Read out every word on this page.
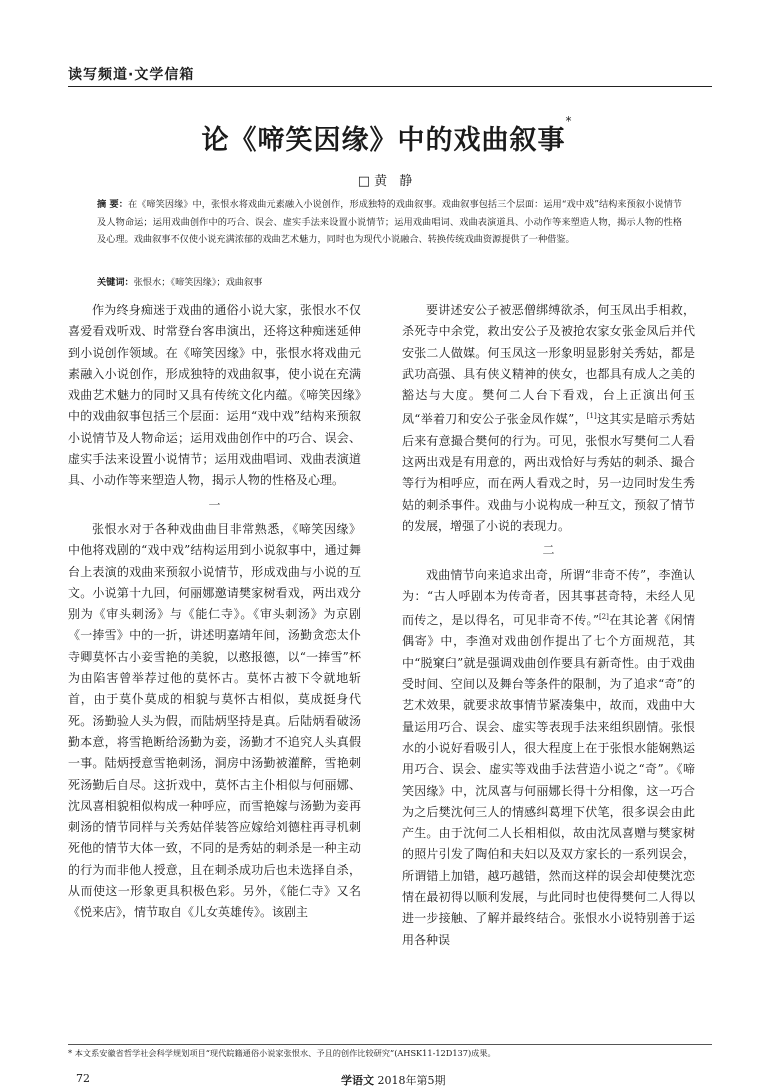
读写频道·文学信箱
论《啼笑因缘》中的戏曲叙事*
□黄 静
摘 要：在《啼笑因缘》中，张恨水将戏曲元素融入小说创作，形成独特的戏曲叙事。戏曲叙事包括三个层面：运用“戏中戏”结构来预叙小说情节及人物命运；运用戏曲创作中的巧合、误会、虚实手法来设置小说情节；运用戏曲唱词、戏曲表演道具、小动作等来塑造人物，揭示人物的性格及心理。戏曲叙事不仅使小说充满浓郁的戏曲艺术魅力，同时也为现代小说融合、转换传统戏曲资源提供了一种借鉴。
关键词：张恨水；《啼笑因缘》；戏曲叙事

作为终身痴迷于戏曲的通俗小说大家，张恨水不仅喜爱看戏听戏、时常登台客串演出，还将这种痴迷延伸到小说创作领域。在《啼笑因缘》中，张恨水将戏曲元素融入小说创作，形成独特的戏曲叙事，使小说在充满戏曲艺术魅力的同时又具有传统文化内蕴。《啼笑因缘》中的戏曲叙事包括三个层面：运用“戏中戏”结构来预叙小说情节及人物命运；运用戏曲创作中的巧合、误会、虚实手法来设置小说情节；运用戏曲唱词、戏曲表演道具、小动作等来塑造人物，揭示人物的性格及心理。

一

张恨水对于各种戏曲曲目非常熟悉，《啼笑因缘》中他将戏剧的“戏中戏”结构运用到小说叙事中，通过舞台上表演的戏曲来预叙小说情节，形成戏曲与小说的互文。小说第十九回，何丽娜邀请樊家树看戏，两出戏分别为《审头刺汤》与《能仁寺》。《审头刺汤》为京剧《一捧雪》中的一折，讲述明嘉靖年间，汤勤贪恋太仆寺卿莫怀古小妾雪艳的美貌，以憨报德，以“一捧雪”杯为由陷害曾举荐过他的莫怀古。莫怀古被下令就地斩首，由于莫仆莫成的相貌与莫怀古相似，莫成挺身代死。汤勤验人头为假，而陆炳坚持是真。后陆炳看破汤勤本意，将雪艳断给汤勤为妾，汤勤才不追究人头真假一事。陆炳授意雪艳刺汤，洞房中汤勤被灌醉，雪艳刺死汤勤后自尽。这折戏中，莫怀古主仆相似与何丽娜、沈凤喜相貌相似构成一种呼应，而雪艳嫁与汤勤为妾再刺汤的情节同样与关秀姑佯装答应嫁给刘德柱再寻机刺死他的情节大体一致，不同的是秀姑的刺杀是一种主动的行为而非他人授意，且在刺杀成功后也未选择自杀，从而使这一形象更具积极色彩。另外，《能仁寺》又名《悦来店》，情节取自《儿女英雄传》。该剧主

要讲述安公子被恶僧绑缚欲杀，何玉凤出手相救，杀死寺中余党，救出安公子及被抢农家女张金凤后并代安张二人做媒。何玉凤这一形象明显影射关秀姑，都是武功高强、具有侠义精神的侠女，也都具有成人之美的豁达与大度。樊何二人台下看戏，台上正演出何玉凤“举着刀和安公子张金凤作媒”，[1]这其实是暗示秀姑后来有意撮合樊何的行为。可见，张恨水写樊何二人看这两出戏是有用意的，两出戏恰好与秀姑的刺杀、撮合等行为相呼应，而在两人看戏之时，另一边同时发生秀姑的刺杀事件。戏曲与小说构成一种互文，预叙了情节的发展，增强了小说的表现力。

二

戏曲情节向来追求出奇，所谓“非奇不传”，李渔认为：“古人呼剧本为传奇者，因其事甚奇特，未经人见而传之，是以得名，可见非奇不传。”[2]在其论著《闲情偶寄》中，李渔对戏曲创作提出了七个方面规范，其中“脱窠臼”就是强调戏曲创作要具有新奇性。由于戏曲受时间、空间以及舞台等条件的限制，为了追求“奇”的艺术效果，就要求故事情节紧凑集中，故而，戏曲中大量运用巧合、误会、虚实等表现手法来组织剧情。张恨水的小说好看吸引人，很大程度上在于张恨水能娴熟运用巧合、误会、虚实等戏曲手法营造小说之“奇”。《啼笑因缘》中，沈凤喜与何丽娜长得十分相像，这一巧合为之后樊沈何三人的情感纠葛埋下伏笔，很多误会由此产生。由于沈何二人长相相似，故由沈凤喜赠与樊家树的照片引发了陶伯和夫妇以及双方家长的一系列误会，所谓错上加错，越巧越错，然而这样的误会却使樊沈恋情在最初得以顺利发展，与此同时也使得樊何二人得以进一步接触、了解并最终结合。张恨水小说特别善于运用各种误

* 本文系安徽省哲学社会科学规划项目“现代皖籍通俗小说家张恨水、予且的创作比较研究”(AHSK11-12D137)成果。
72	学语文 2018年第5期
